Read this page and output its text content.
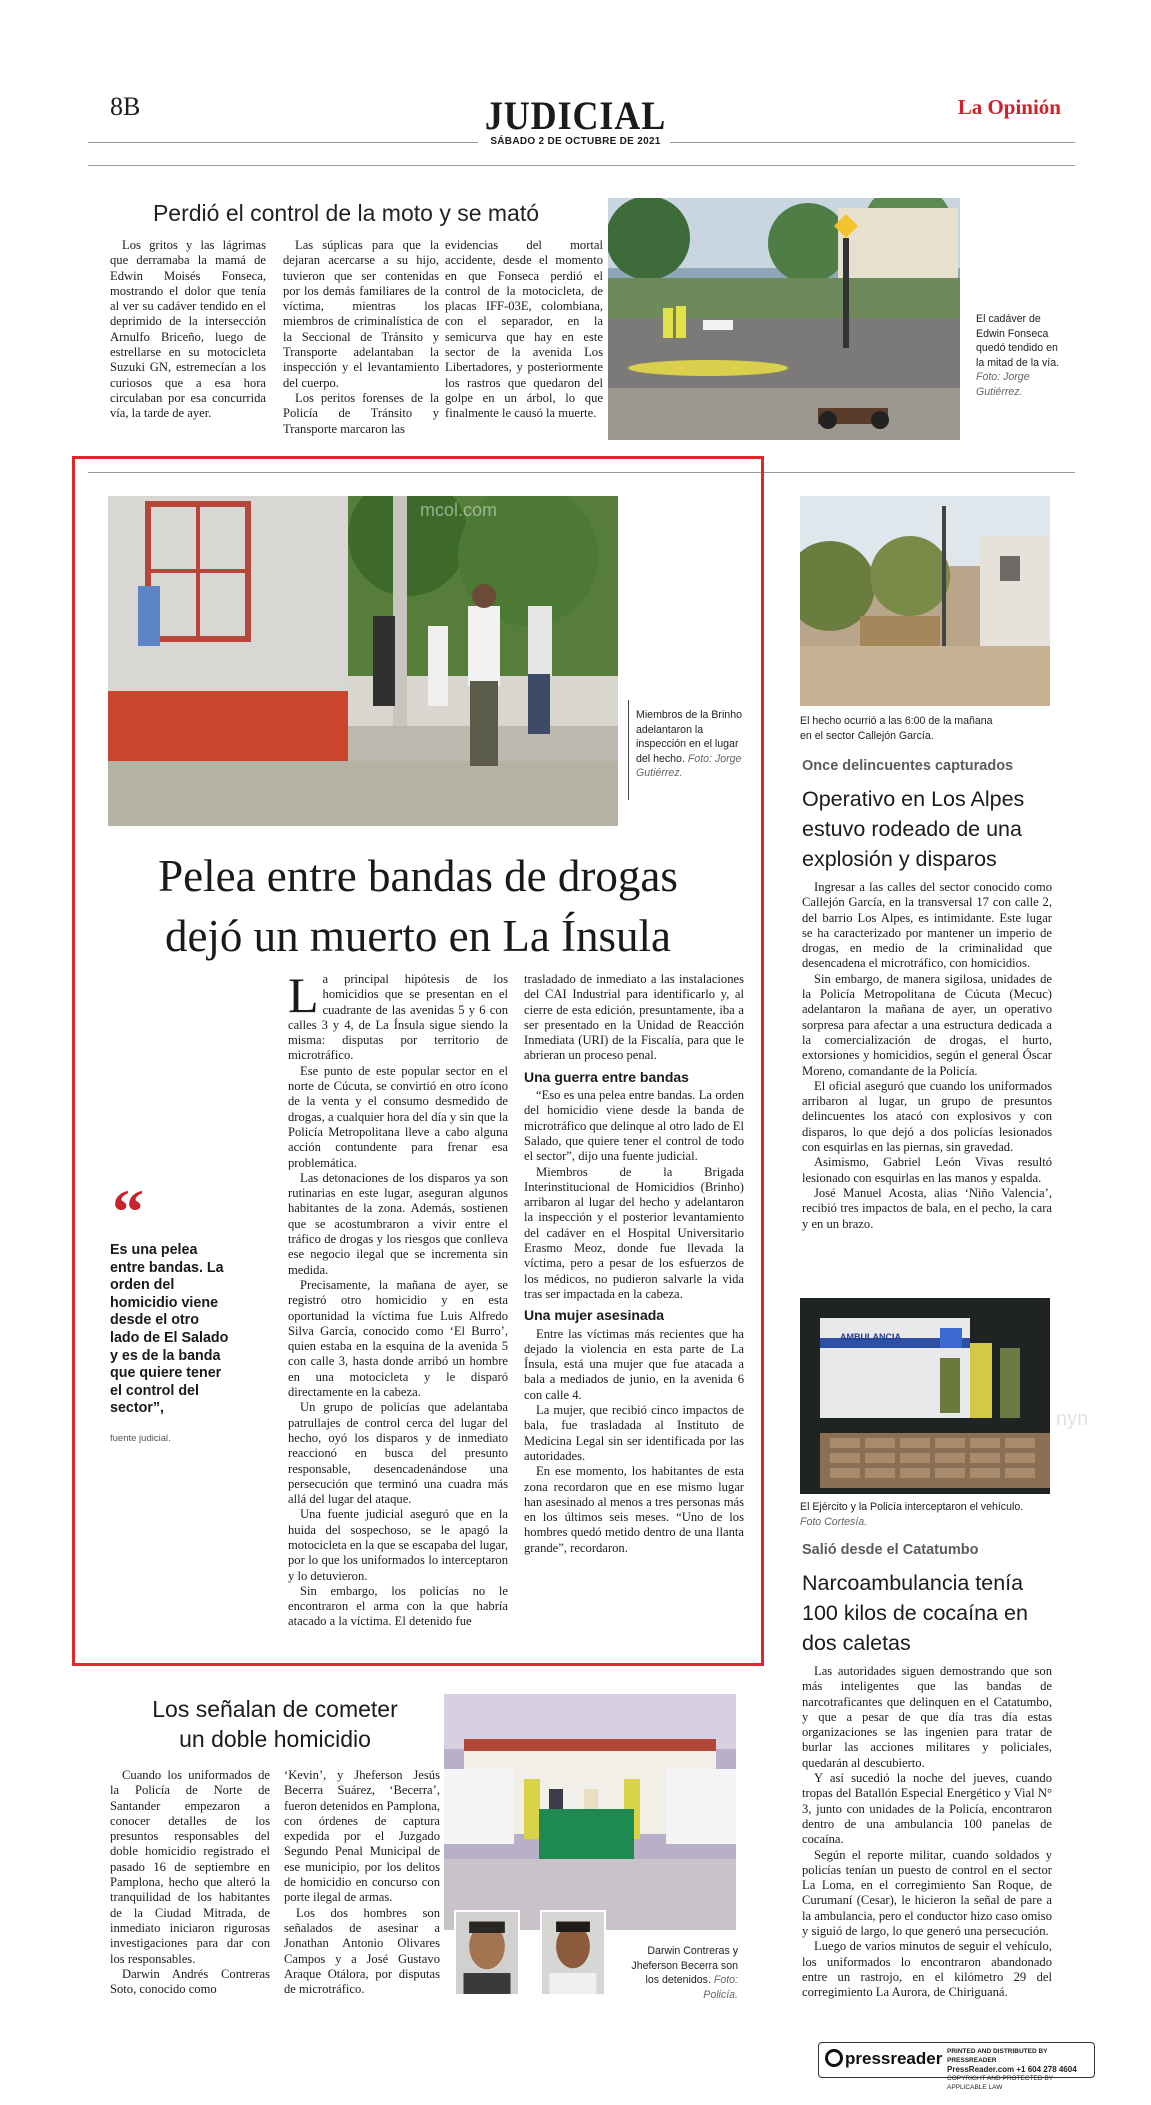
8B	JUDICIAL	La Opinión
SÁBADO 2 DE OCTUBRE DE 2021
Perdió el control de la moto y se mató

Los gritos y las lágrimas que derramaba la mamá de Edwin Moisés Fonseca, mostrando el dolor que tenía al ver su cadáver tendido en el deprimido de la intersección Arnulfo Briceño, luego de estrellarse en su motocicleta Suzuki GN, estremecían a los curiosos que a esa hora circulaban por esa concurrida vía, la tarde de ayer.

Las súplicas para que la dejaran acercarse a su hijo, tuvieron que ser contenidas por los demás familiares de la víctima, mientras los miembros de criminalística de la Seccional de Tránsito y Transporte adelantaban la inspección y el levantamiento del cuerpo.

Los peritos forenses de la Policía de Tránsito y Transporte marcaron las

evidencias del mortal accidente, desde el momento en que Fonseca perdió el control de la motocicleta, de placas IFF-03E, colombiana, con el separador, en la semicurva que hay en este sector de la avenida Los Libertadores, y posteriormente los rastros que quedaron del golpe en un árbol, lo que finalmente le causó la muerte.

El cadáver de Edwin Fonseca quedó tendido en la mitad de la vía. Foto: Jorge Gutiérrez.
mcol.com
Miembros de la Brinho adelantaron la inspección en el lugar del hecho. Foto: Jorge Gutiérrez.
Pelea entre bandas de drogas
dejó un muerto en La Ínsula
“
Es una pelea entre bandas. La orden del homicidio viene desde el otro lado de El Salado y es de la banda que quiere tener el control del sector”,
fuente judicial.

La principal hipótesis de los homicidios que se presentan en el cuadrante de las avenidas 5 y 6 con calles 3 y 4, de La Ínsula sigue siendo la misma: disputas por territorio de microtráfico.

Ese punto de este popular sector en el norte de Cúcuta, se convirtió en otro ícono de la venta y el consumo desmedido de drogas, a cualquier hora del día y sin que la Policía Metropolitana lleve a cabo alguna acción contundente para frenar esa problemática.

Las detonaciones de los disparos ya son rutinarias en este lugar, aseguran algunos habitantes de la zona. Además, sostienen que se acostumbraron a vivir entre el tráfico de drogas y los riesgos que conlleva ese negocio ilegal que se incrementa sin medida.

Precisamente, la mañana de ayer, se registró otro homicidio y en esta oportunidad la víctima fue Luis Alfredo Silva García, conocido como ‘El Burro’, quien estaba en la esquina de la avenida 5 con calle 3, hasta donde arribó un hombre en una motocicleta y le disparó directamente en la cabeza.

Un grupo de policías que adelantaba patrullajes de control cerca del lugar del hecho, oyó los disparos y de inmediato reaccionó en busca del presunto responsable, desencadenándose una persecución que terminó una cuadra más allá del lugar del ataque.

Una fuente judicial aseguró que en la huida del sospechoso, se le apagó la motocicleta en la que se escapaba del lugar, por lo que los uniformados lo interceptaron y lo detuvieron.

Sin embargo, los policías no le encontraron el arma con la que habría atacado a la víctima. El detenido fue

trasladado de inmediato a las instalaciones del CAI Industrial para identificarlo y, al cierre de esta edición, presuntamente, iba a ser presentado en la Unidad de Reacción Inmediata (URI) de la Fiscalía, para que le abrieran un proceso penal.

Una guerra entre bandas

“Eso es una pelea entre bandas. La orden del homicidio viene desde la banda de microtráfico que delinque al otro lado de El Salado, que quiere tener el control de todo el sector”, dijo una fuente judicial.

Miembros de la Brigada Interinstitucional de Homicidios (Brinho) arribaron al lugar del hecho y adelantaron la inspección y el posterior levantamiento del cadáver en el Hospital Universitario Erasmo Meoz, donde fue llevada la víctima, pero a pesar de los esfuerzos de los médicos, no pudieron salvarle la vida tras ser impactada en la cabeza.

Una mujer asesinada

Entre las víctimas más recientes que ha dejado la violencia en esta parte de La Ínsula, está una mujer que fue atacada a bala a mediados de junio, en la avenida 6 con calle 4.

La mujer, que recibió cinco impactos de bala, fue trasladada al Instituto de Medicina Legal sin ser identificada por las autoridades.

En ese momento, los habitantes de esta zona recordaron que en ese mismo lugar han asesinado al menos a tres personas más en los últimos seis meses. “Uno de los hombres quedó metido dentro de una llanta grande”, recordaron.

El hecho ocurrió a las 6:00 de la mañana en el sector Callejón García.
Once delincuentes capturados
Operativo en Los Alpes estuvo rodeado de una explosión y disparos

Ingresar a las calles del sector conocido como Callejón García, en la transversal 17 con calle 2, del barrio Los Alpes, es intimidante. Este lugar se ha caracterizado por mantener un imperio de drogas, en medio de la criminalidad que desencadena el microtráfico, con homicidios.

Sin embargo, de manera sigilosa, unidades de la Policía Metropolitana de Cúcuta (Mecuc) adelantaron la mañana de ayer, un operativo sorpresa para afectar a una estructura dedicada a la comercialización de drogas, el hurto, extorsiones y homicidios, según el general Óscar Moreno, comandante de la Policía.

El oficial aseguró que cuando los uniformados arribaron al lugar, un grupo de presuntos delincuentes los atacó con explosivos y con disparos, lo que dejó a dos policías lesionados con esquirlas en las piernas, sin gravedad.

Asimismo, Gabriel León Vivas resultó lesionado con esquirlas en las manos y espalda.

José Manuel Acosta, alias ‘Niño Valencia’, recibió tres impactos de bala, en el pecho, la cara y en un brazo.

AMBULANCIA
nyn
El Ejército y la Policía interceptaron el vehículo. Foto Cortesía.
Salió desde el Catatumbo
Narcoambulancia tenía 100 kilos de cocaína en dos caletas

Las autoridades siguen demostrando que son más inteligentes que las bandas de narcotraficantes que delinquen en el Catatumbo, y que a pesar de que día tras día estas organizaciones se las ingenien para tratar de burlar las acciones militares y policiales, quedarán al descubierto.

Y así sucedió la noche del jueves, cuando tropas del Batallón Especial Energético y Vial N° 3, junto con unidades de la Policía, encontraron dentro de una ambulancia 100 panelas de cocaína.

Según el reporte militar, cuando soldados y policías tenían un puesto de control en el sector La Loma, en el corregimiento San Roque, de Curumaní (Cesar), le hicieron la señal de pare a la ambulancia, pero el conductor hizo caso omiso y siguió de largo, lo que generó una persecución.

Luego de varios minutos de seguir el vehículo, los uniformados lo encontraron abandonado entre un rastrojo, en el kilómetro 29 del corregimiento La Aurora, de Chiriguaná.

Los señalan de cometer
un doble homicidio

Cuando los uniformados de la Policía de Norte de Santander empezaron a conocer detalles de los presuntos responsables del doble homicidio registrado el pasado 16 de septiembre en Pamplona, hecho que alteró la tranquilidad de los habitantes de la Ciudad Mitrada, de inmediato iniciaron rigurosas investigaciones para dar con los responsables.

Darwin Andrés Contreras Soto, conocido como

‘Kevin’, y Jheferson Jesús Becerra Suárez, ‘Becerra’, fueron detenidos en Pamplona, con órdenes de captura expedida por el Juzgado Segundo Penal Municipal de ese municipio, por los delitos de homicidio en concurso con porte ilegal de armas.

Los dos hombres son señalados de asesinar a Jonathan Antonio Olivares Campos y a José Gustavo Araque Otálora, por disputas de microtráfico.

Darwin Contreras y Jheferson Becerra son los detenidos. Foto: Policía.
pressreader PRINTED AND DISTRIBUTED BY PRESSREADER
PressReader.com +1 604 278 4604
COPYRIGHT AND PROTECTED BY APPLICABLE LAW
